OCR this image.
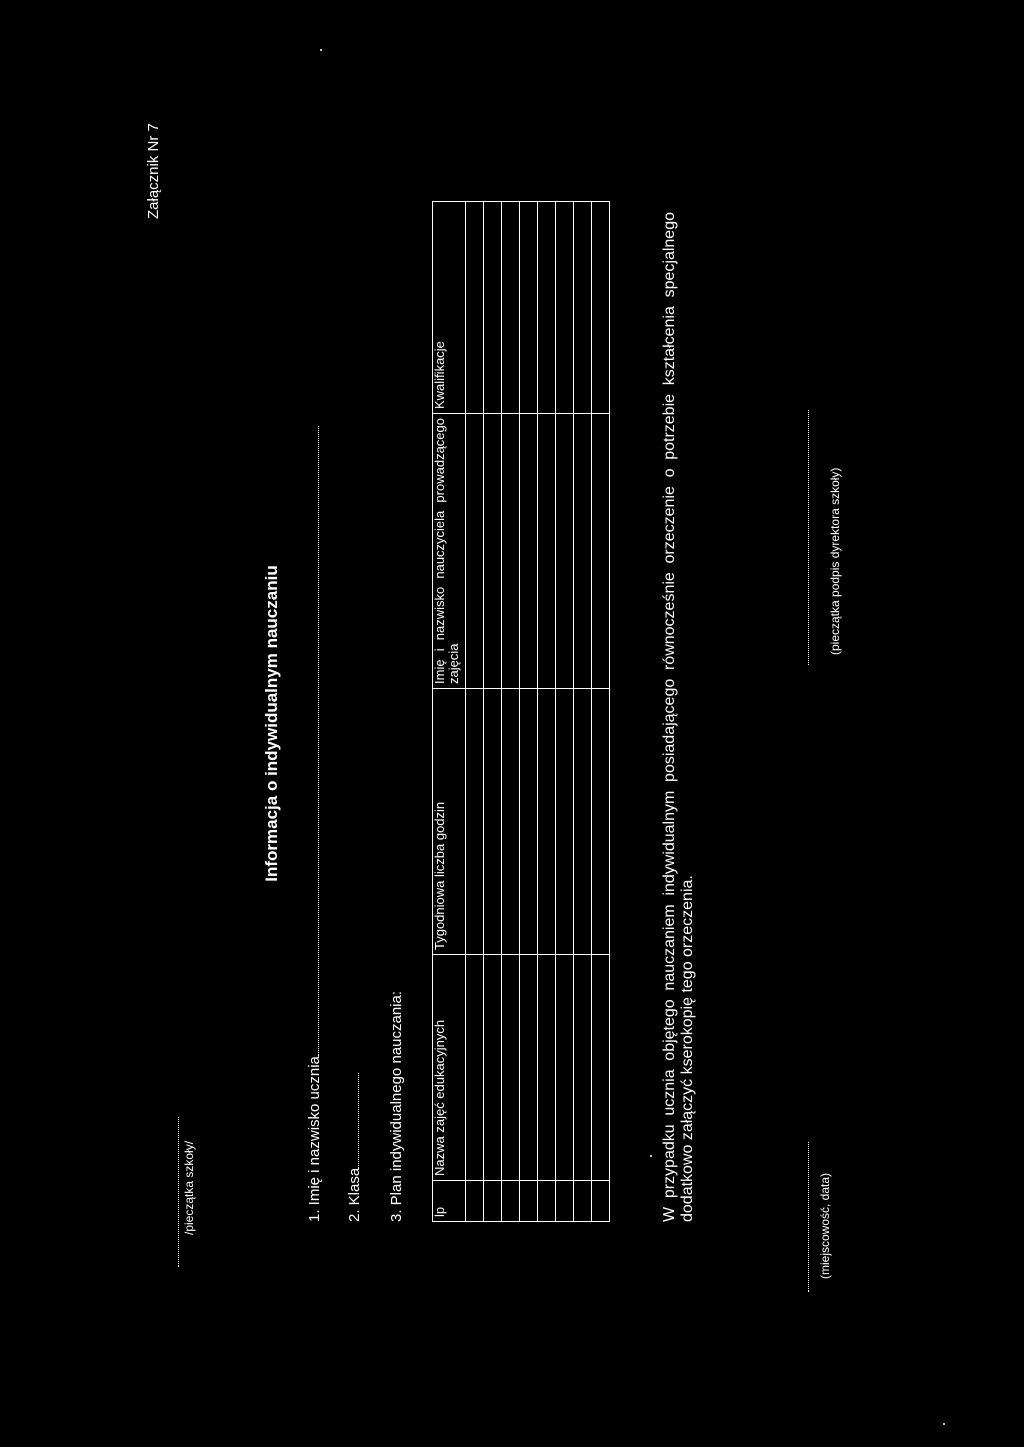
/pieczątka szkoły/
Załącznik Nr 7
Informacja o indywidualnym nauczaniu
1. Imię i nazwisko ucznia 2. Klasa 3. Plan indywidualnego nauczania: lp	Nazwa zajęć edukacyjnych	Tygodniowa liczba godzin	Imię i nazwisko nauczyciela prowadzącego zajęcia	Kwalifikacje

					W przypadku ucznia objętego nauczaniem indywidualnym posiadającego równocześnie orzeczenie o potrzebie kształcenia specjalnego dodatkowo załączyć kserokopię tego orzeczenia.
(miejscowość, data)
(pieczątka podpis dyrektora szkoły)
